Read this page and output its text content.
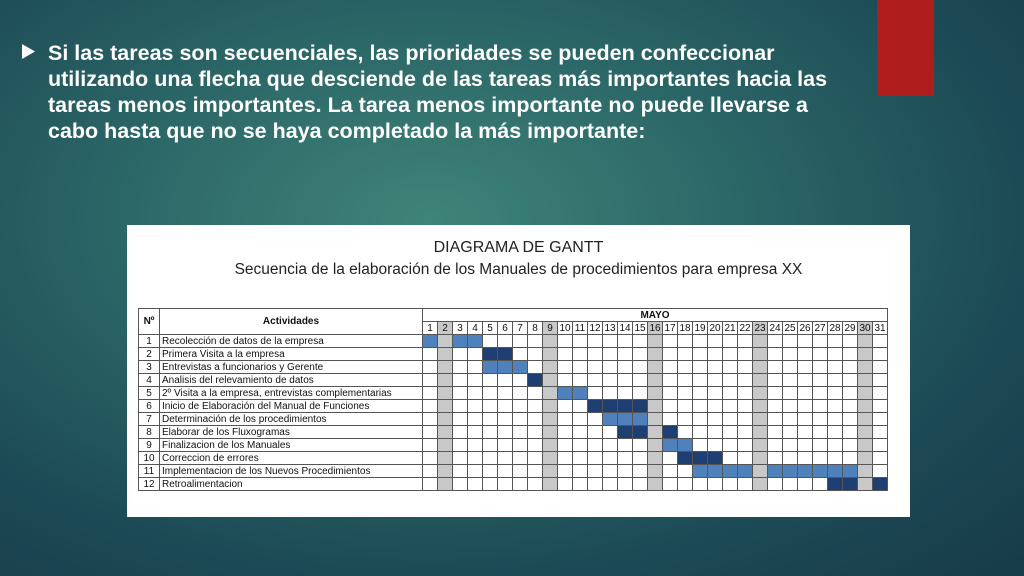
Si las tareas son secuenciales, las prioridades se pueden confeccionar utilizando una flecha que desciende de las tareas más importantes hacia las tareas menos importantes. La tarea menos importante no puede llevarse a cabo hasta que no se haya completado la más importante:

DIAGRAMA DE GANTT
Secuencia de la elaboración de los Manuales de procedimientos para empresa XX
Nº	Actividades	MAYO																														
		1	2	3	4	5	6	7	8	9	10	11	12	13	14	15	16	17	18	19	20	21	22	23	24	25	26	27	28	29	30	31
1	Recolección de datos de la empresa																															
2	Primera Visita a la empresa																															
3	Entrevistas a funcionarios y Gerente																															
4	Analisis del relevamiento de datos																															
5	2º Visita a la empresa, entrevistas complementarias																															
6	Inicio de Elaboración del Manual de Funciones																															
7	Determinación de los procedimientos																															
8	Elaborar de los Fluxogramas																															
9	Finalizacion de los Manuales																															
10	Correccion de errores																															
11	Implementacion de los Nuevos Procedimientos																															
12	Retroalimentacion																															
